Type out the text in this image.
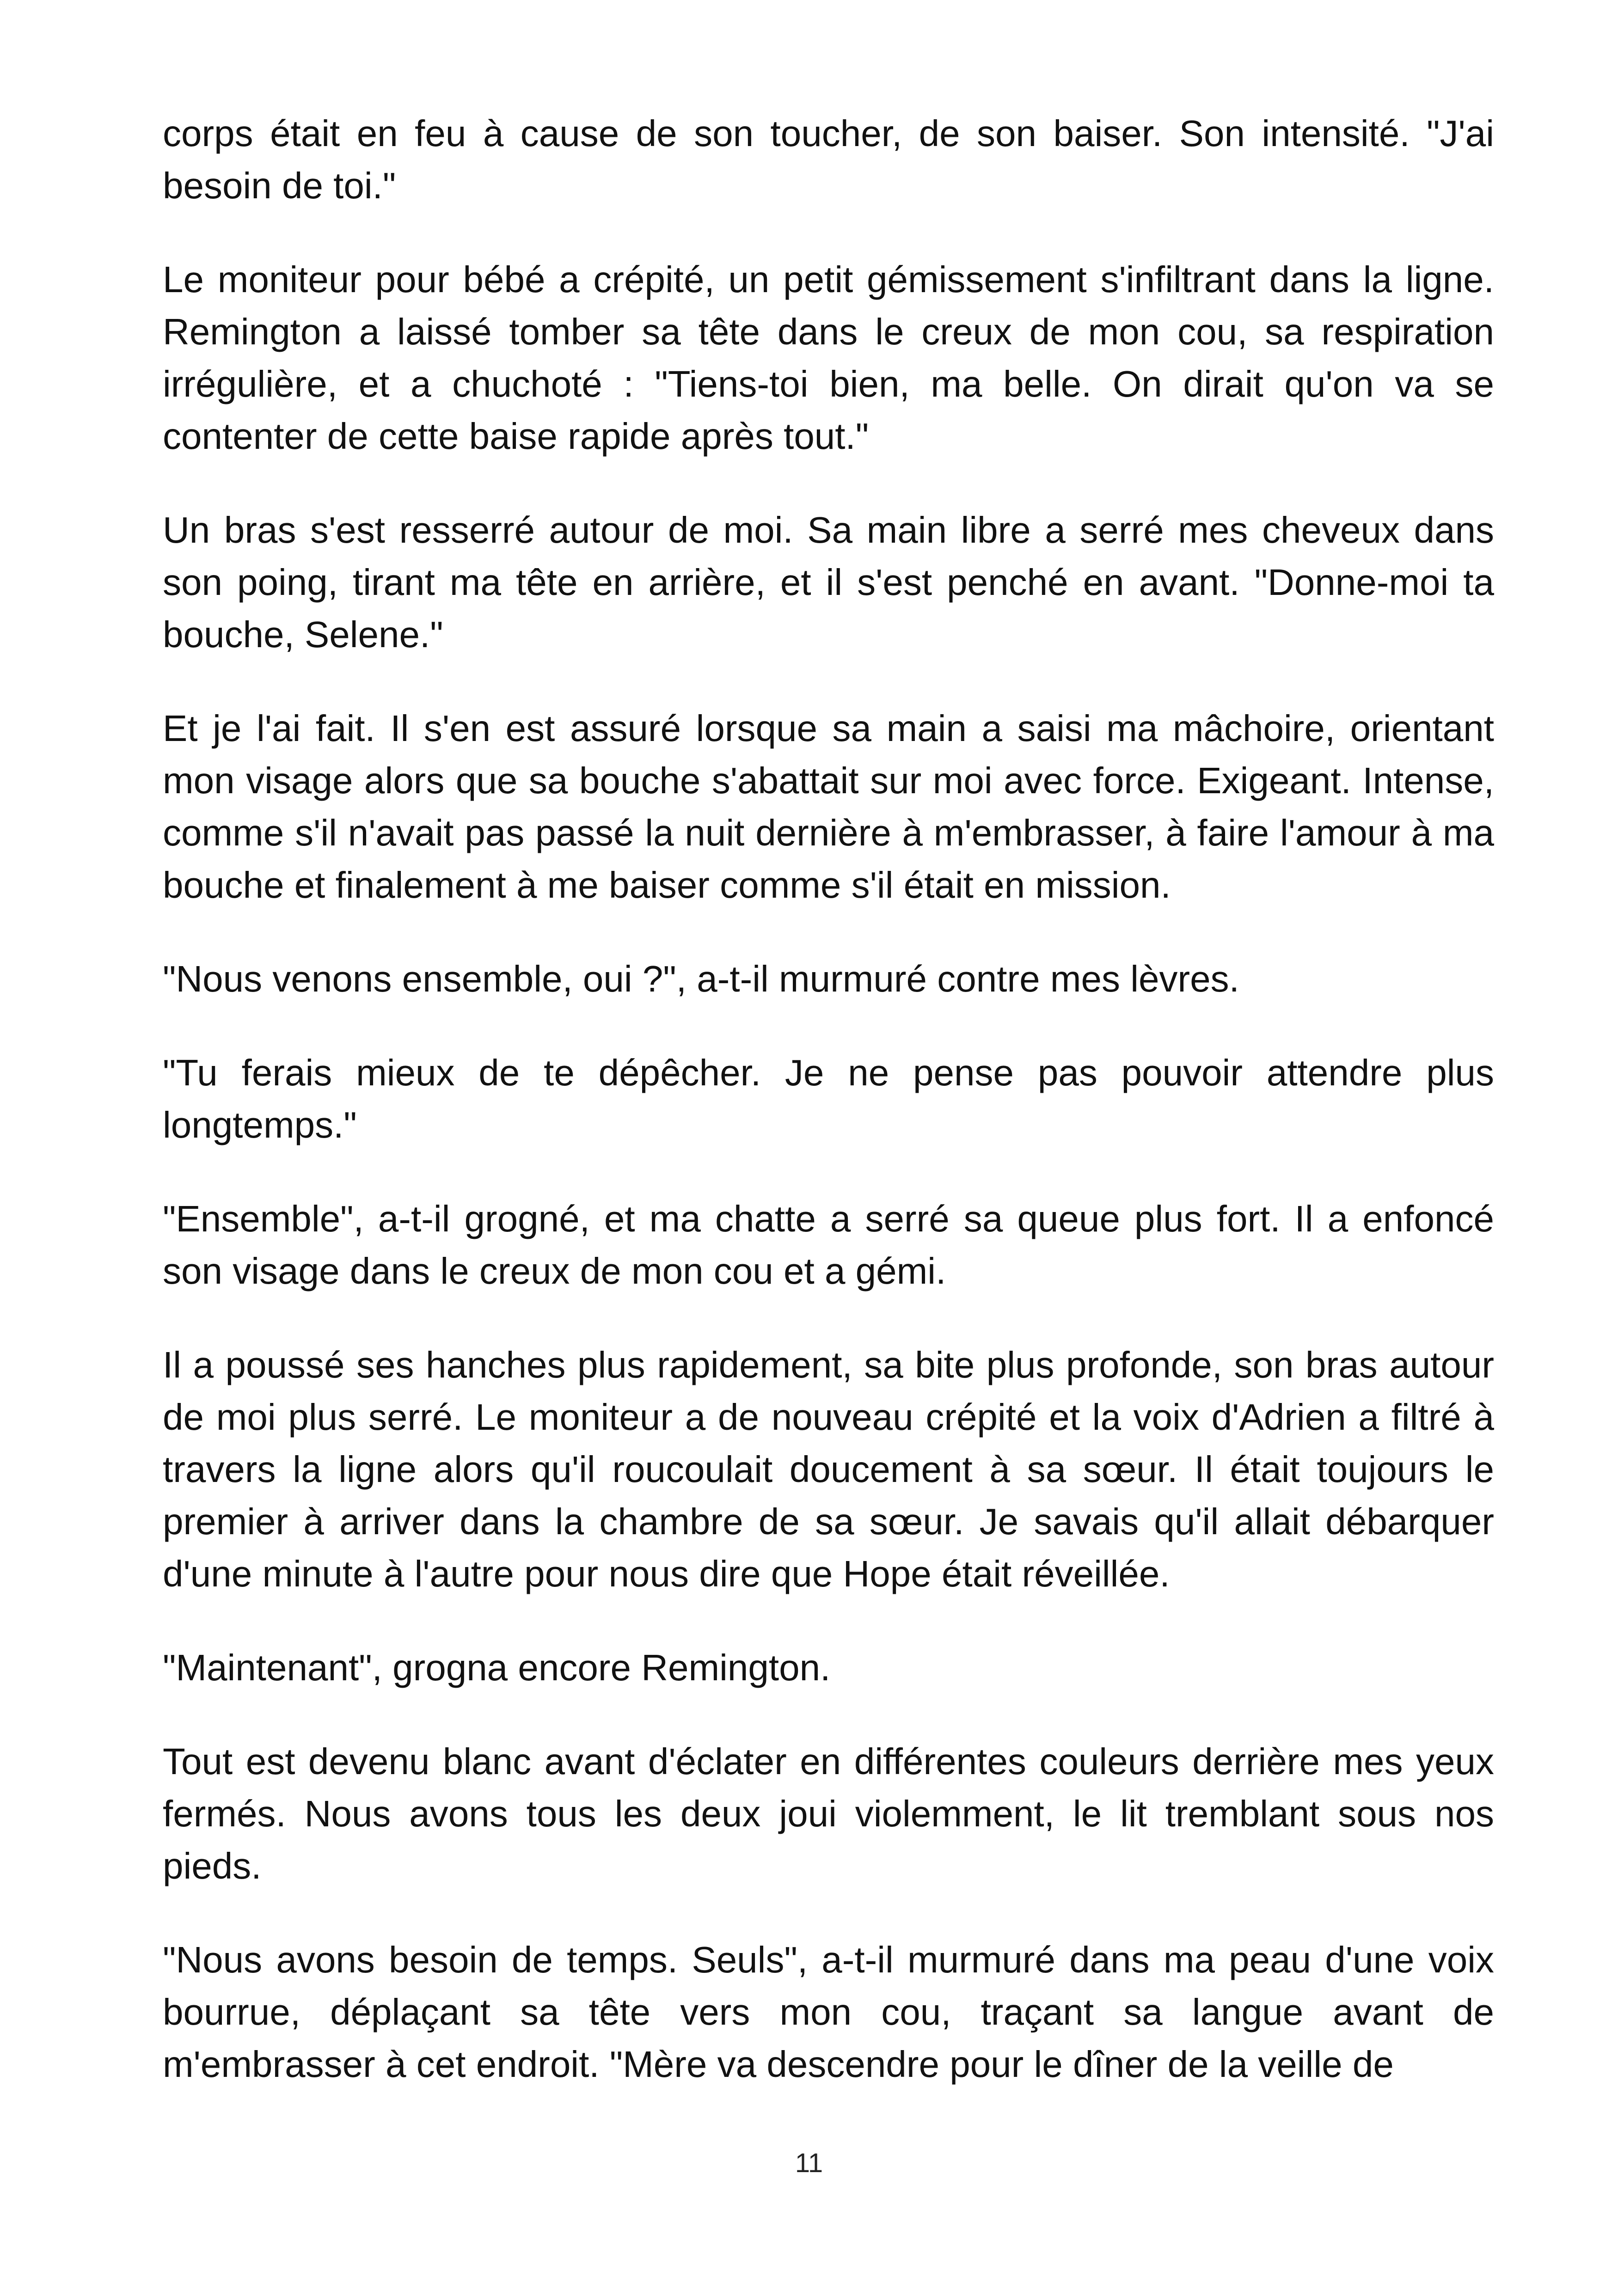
corps était en feu à cause de son toucher, de son baiser. Son intensité. "J'ai besoin de toi."

Le moniteur pour bébé a crépité, un petit gémissement s'infiltrant dans la ligne. Remington a laissé tomber sa tête dans le creux de mon cou, sa respiration irrégulière, et a chuchoté : "Tiens-toi bien, ma belle. On dirait qu'on va se contenter de cette baise rapide après tout."

Un bras s'est resserré autour de moi. Sa main libre a serré mes cheveux dans son poing, tirant ma tête en arrière, et il s'est penché en avant. "Donne-moi ta bouche, Selene."

Et je l'ai fait. Il s'en est assuré lorsque sa main a saisi ma mâchoire, orientant mon visage alors que sa bouche s'abattait sur moi avec force. Exigeant. Intense, comme s'il n'avait pas passé la nuit dernière à m'embrasser, à faire l'amour à ma bouche et finalement à me baiser comme s'il était en mission.

"Nous venons ensemble, oui ?", a-t-il murmuré contre mes lèvres.

"Tu ferais mieux de te dépêcher. Je ne pense pas pouvoir attendre plus longtemps."

"Ensemble", a-t-il grogné, et ma chatte a serré sa queue plus fort. Il a enfoncé son visage dans le creux de mon cou et a gémi.

Il a poussé ses hanches plus rapidement, sa bite plus profonde, son bras autour de moi plus serré. Le moniteur a de nouveau crépité et la voix d'Adrien a filtré à travers la ligne alors qu'il roucoulait doucement à sa sœur. Il était toujours le premier à arriver dans la chambre de sa sœur. Je savais qu'il allait débarquer d'une minute à l'autre pour nous dire que Hope était réveillée.

"Maintenant", grogna encore Remington.

Tout est devenu blanc avant d'éclater en différentes couleurs derrière mes yeux fermés. Nous avons tous les deux joui violemment, le lit tremblant sous nos pieds.

"Nous avons besoin de temps. Seuls", a-t-il murmuré dans ma peau d'une voix bourrue, déplaçant sa tête vers mon cou, traçant sa langue avant de m'embrasser à cet endroit. "Mère va descendre pour le dîner de la veille de

11
